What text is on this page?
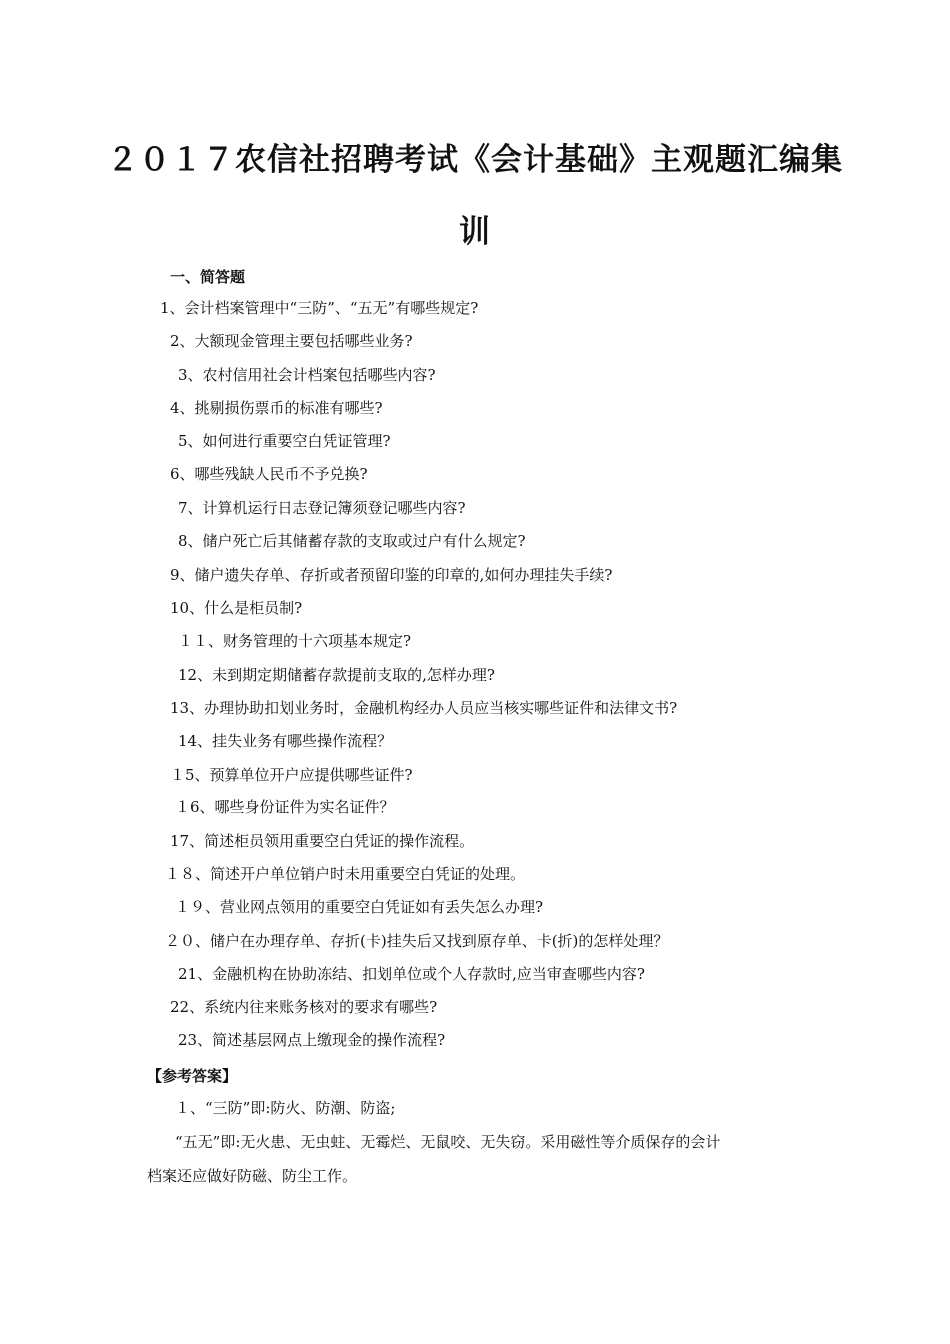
２０１７农信社招聘考试《会计基础》主观题汇编集
训
一、简答题
1、会计档案管理中“三防”、“五无”有哪些规定?
2、大额现金管理主要包括哪些业务?
3、农村信用社会计档案包括哪些内容?
4、挑剔损伤票币的标准有哪些?
5、如何进行重要空白凭证管理?
6、哪些残缺人民币不予兑换?
7、计算机运行日志登记簿须登记哪些内容?
8、储户死亡后其储蓄存款的支取或过户有什么规定?
9、储户遗失存单、存折或者预留印鉴的印章的,如何办理挂失手续?
10、什么是柜员制?
１１、财务管理的十六项基本规定?
12、未到期定期储蓄存款提前支取的,怎样办理?
13、办理协助扣划业务时，金融机构经办人员应当核实哪些证件和法律文书?
14、挂失业务有哪些操作流程？
１5、预算单位开户应提供哪些证件?
１6、哪些身份证件为实名证件？
17、简述柜员领用重要空白凭证的操作流程。
１８、简述开户单位销户时未用重要空白凭证的处理。
１９、营业网点领用的重要空白凭证如有丢失怎么办理?
２０、储户在办理存单、存折(卡)挂失后又找到原存单、卡(折)的怎样处理？
21、金融机构在协助冻结、扣划单位或个人存款时,应当审查哪些内容?
22、系统内往来账务核对的要求有哪些?
23、简述基层网点上缴现金的操作流程?
【参考答案】
１、“三防”即:防火、防潮、防盗;
“五无”即:无火患、无虫蛀、无霉烂、无鼠咬、无失窃。采用磁性等介质保存的会计
档案还应做好防磁、防尘工作。
